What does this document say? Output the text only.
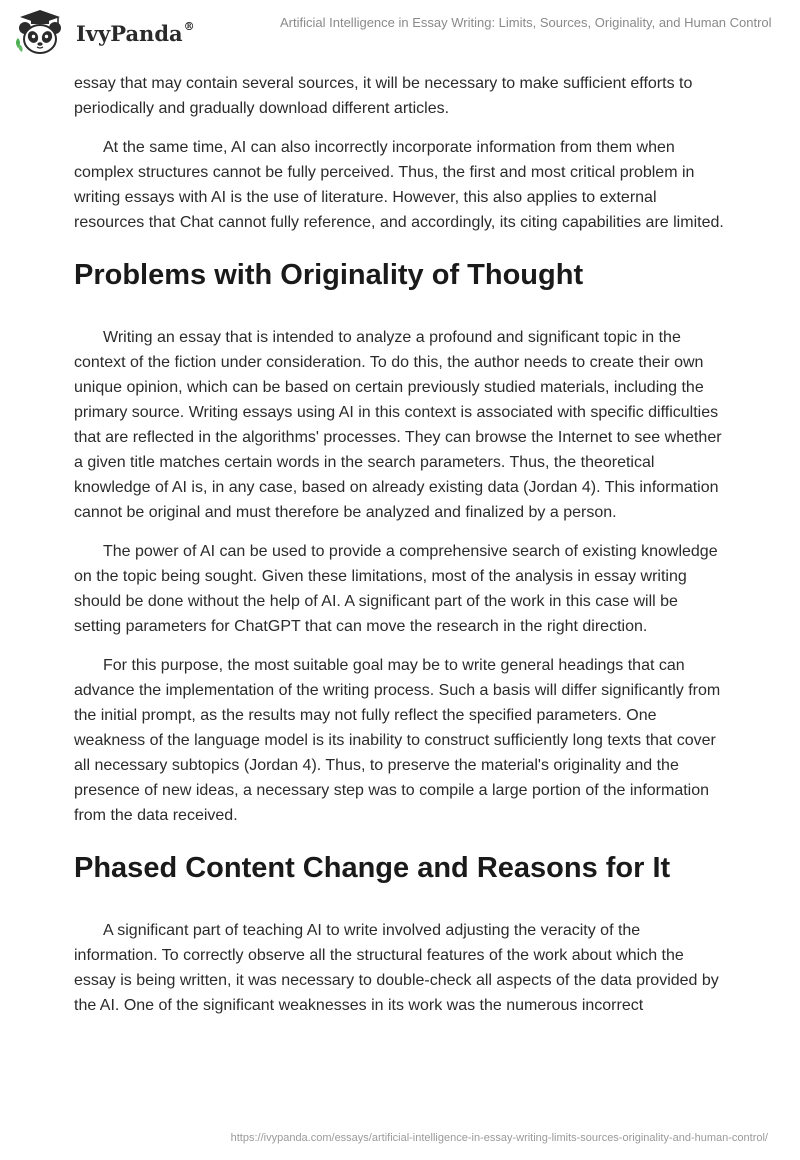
IvyPanda®	Artificial Intelligence in Essay Writing: Limits, Sources, Originality, and Human Control

essay that may contain several sources, it will be necessary to make sufficient efforts to periodically and gradually download different articles.

At the same time, AI can also incorrectly incorporate information from them when complex structures cannot be fully perceived. Thus, the first and most critical problem in writing essays with AI is the use of literature. However, this also applies to external resources that Chat cannot fully reference, and accordingly, its citing capabilities are limited.

Problems with Originality of Thought

Writing an essay that is intended to analyze a profound and significant topic in the context of the fiction under consideration. To do this, the author needs to create their own unique opinion, which can be based on certain previously studied materials, including the primary source. Writing essays using AI in this context is associated with specific difficulties that are reflected in the algorithms' processes. They can browse the Internet to see whether a given title matches certain words in the search parameters. Thus, the theoretical knowledge of AI is, in any case, based on already existing data (Jordan 4). This information cannot be original and must therefore be analyzed and finalized by a person.

The power of AI can be used to provide a comprehensive search of existing knowledge on the topic being sought. Given these limitations, most of the analysis in essay writing should be done without the help of AI. A significant part of the work in this case will be setting parameters for ChatGPT that can move the research in the right direction.

For this purpose, the most suitable goal may be to write general headings that can advance the implementation of the writing process. Such a basis will differ significantly from the initial prompt, as the results may not fully reflect the specified parameters. One weakness of the language model is its inability to construct sufficiently long texts that cover all necessary subtopics (Jordan 4). Thus, to preserve the material's originality and the presence of new ideas, a necessary step was to compile a large portion of the information from the data received.

Phased Content Change and Reasons for It

A significant part of teaching AI to write involved adjusting the veracity of the information. To correctly observe all the structural features of the work about which the essay is being written, it was necessary to double-check all aspects of the data provided by the AI. One of the significant weaknesses in its work was the numerous incorrect

https://ivypanda.com/essays/artificial-intelligence-in-essay-writing-limits-sources-originality-and-human-control/
